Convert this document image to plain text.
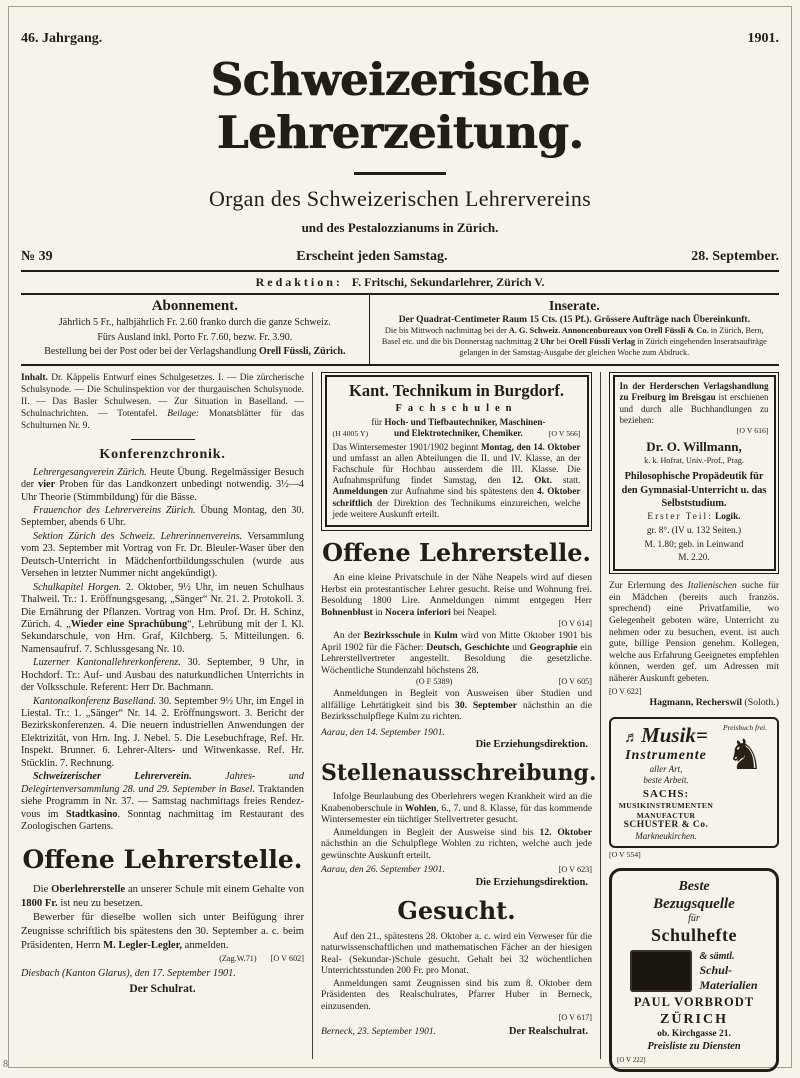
46. Jahrgang.	1901.
Schweizerische Lehrerzeitung.
Organ des Schweizerischen Lehrervereins
und des Pestalozzianums in Zürich.
№ 39	Erscheint jeden Samstag.	28. September.
Redaktion: F. Fritschi, Sekundarlehrer, Zürich V.
Abonnement.
Jährlich 5 Fr., halbjährlich Fr. 2.60 franko durch die ganze Schweiz.
Fürs Ausland inkl. Porto Fr. 7.60, bezw. Fr. 3.90.
Bestellung bei der Post oder bei der Verlagshandlung Orell Füssli, Zürich.
Inserate.
Der Quadrat-Centimeter Raum 15 Cts. (15 Pf.). Grössere Aufträge nach Übereinkunft.
Die bis Mittwoch nachmittag bei der A. G. Schweiz. Annoncenbureaux von Orell Füssli & Co. in Zürich, Bern, Basel etc. und die bis Donnerstag nachmittag 2 Uhr bei Orell Füssli Verlag in Zürich eingehenden Inseratsaufträge gelangen in der Samstag-Ausgabe der gleichen Woche zum Abdruck.

Inhalt. Dr. Käppelis Entwurf eines Schulgesetzes. I. — Die zürcherische Schulsynode. — Die Schulinspektion vor der thurgauischen Schulsynode. II. — Das Basler Schulwesen. — Zur Situation in Baselland. — Schulnachrichten. — Totentafel. Beilage: Monatsblätter für das Schulturnen Nr. 9.

Konferenzchronik.

Lehrergesangverein Zürich. Heute Übung. Regelmässiger Besuch der vier Proben für das Landkonzert unbedingt notwendig. 3½—4 Uhr Theorie (Stimmbildung) für die Bässe.

Frauenchor des Lehrervereins Zürich. Übung Montag, den 30. September, abends 6 Uhr.

Sektion Zürich des Schweiz. Lehrerinnenvereins. Versammlung vom 23. September mit Vortrag von Fr. Dr. Bleuler-Waser über den Deutsch-Unterricht in Mädchenfortbildungsschulen (wurde aus Versehen in letzter Nummer nicht angekündigt).

Schulkapitel Horgen. 2. Oktober, 9½ Uhr, im neuen Schulhaus Thalweil. Tr.: 1. Eröffnungsgesang, „Sänger“ Nr. 21. 2. Protokoll. 3. Die Ernährung der Pflanzen. Vortrag von Hrn. Prof. Dr. H. Schinz, Zürich. 4. „Wieder eine Sprachübung“, Lehrübung mit der I. Kl. Sekundarschule, von Hrn. Graf, Kilchberg. 5. Mitteilungen. 6. Namensaufruf. 7. Schlussgesang Nr. 10.

Luzerner Kantonallehrerkonferenz. 30. September, 9 Uhr, in Hochdorf. Tr.: Auf- und Ausbau des naturkundlichen Unterrichts in der Volksschule. Referent: Herr Dr. Bachmann.

Kantonalkonferenz Baselland. 30. September 9½ Uhr, im Engel in Liestal. Tr.: 1. „Sänger“ Nr. 14. 2. Eröffnungswort. 3. Bericht der Bezirkskonferenzen. 4. Die neuern industriellen Anwendungen der Elektrizität, von Hrn. Ing. J. Nebel. 5. Die Lesebuchfrage, Ref. Hr. Inspekt. Brunner. 6. Lehrer-Alters- und Witwenkasse. Ref. Hr. Stücklin. 7. Rechnung.

Schweizerischer Lehrerverein. Jahres- und Delegirtenversammlung 28. und 29. September in Basel. Traktanden siehe Programm in Nr. 37. — Samstag nachmittags freies Rendez-vous im Stadtkasino. Sonntag nachmittag im Restaurant des Zoologischen Gartens.

Offene Lehrerstelle.

Die Oberlehrerstelle an unserer Schule mit einem Gehalte von 1800 Fr. ist neu zu besetzen.

Bewerber für dieselbe wollen sich unter Beifügung ihrer Zeugnisse schriftlich bis spätestens den 30. September a. c. beim Präsidenten, Herrn M. Legler-Legler, anmelden.

(Zag.W.71) [O V 602]

Diesbach (Kanton Glarus), den 17. September 1901.

Der Schulrat.

Kant. Technikum in Burgdorf.
Fachschulen
(H 4005 Y)
für Hoch- und Tiefbautechniker, Maschinen- und Elektrotechniker, Chemiker.	[O V 566]
Das Wintersemester 1901/1902 beginnt Montag, den 14. Oktober und umfasst an allen Abteilungen die II. und IV. Klasse, an der Fachschule für Hochbau ausserdem die III. Klasse. Die Aufnahmsprüfung findet Samstag, den 12. Okt. statt. Anmeldungen zur Aufnahme sind bis spätestens den 4. Oktober schriftlich der Direktion des Technikums einzureichen, welche jede weitere Auskunft erteilt.
Offene Lehrerstelle.

An eine kleine Privatschule in der Nähe Neapels wird auf diesen Herbst ein protestantischer Lehrer gesucht. Reise und Wohnung frei. Besoldung 1800 Lire. Anmeldungen nimmt entgegen Herr Bohnenblust in Nocera inferiori bei Neapel.

[O V 614]

An der Bezirksschule in Kulm wird von Mitte Oktober 1901 bis April 1902 für die Fächer: Deutsch, Geschichte und Geographie ein Lehrerstellvertreter angestellt. Besoldung die gesetzliche. Wöchentliche Stundenzahl höchstens 28.

(O F 5389)	[O V 605]

Anmeldungen in Begleit von Ausweisen über Studien und allfällige Lehrtätigkeit sind bis 30. September nächsthin an die Bezirksschulpflege Kulm zu richten.

Aarau, den 14. September 1901.

Die Erziehungsdirektion.

Stellenausschreibung.

Infolge Beurlaubung des Oberlehrers wegen Krankheit wird an die Knabenoberschule in Wohlen, 6., 7. und 8. Klasse, für das kommende Wintersemester ein tüchtiger Stellvertreter gesucht.

Anmeldungen in Begleit der Ausweise sind bis 12. Oktober nächsthin an die Schulpflege Wohlen zu richten, welche auch jede gewünschte Auskunft erteilt.

Aarau, den 26. September 1901.	[O V 623]

Die Erziehungsdirektion.

Gesucht.

Auf den 21., spätestens 28. Oktober a. c. wird ein Verweser für die naturwissenschaftlichen und mathematischen Fächer an der hiesigen Real- (Sekundar-)Schule gesucht. Gehalt bei 32 wöchentlichen Unterrichtsstunden 200 Fr. pro Monat.

Anmeldungen samt Zeugnissen sind bis zum 8. Oktober dem Präsidenten des Realschulrates, Pfarrer Huber in Berneck, einzusenden.

[O V 617]
Berneck, 23. September 1901.	Der Realschulrat.
In der Herderschen Verlagshandlung zu Freiburg im Breisgau ist erschienen und durch alle Buchhandlungen zu beziehen:
[O V 616]
Dr. O. Willmann,
k. k. Hofrat, Univ.-Prof., Prag.
Philosophische Propädeutik für den Gymnasial-Unterricht u. das Selbststudium.
Erster Teil: Logik.
gr. 8°. (IV u. 132 Seiten.)
M. 1.80; geb. in Leinwand
M. 2.20.

Zur Erlernung des Italienischen suche für ein Mädchen (bereits auch französ. sprechend) eine Privatfamilie, wo Gelegenheit geboten wäre, Unterricht zu nehmen oder zu besuchen, event. ist auch gute, billige Pension genehm. Kollegen, welche aus Erfahrung Geeignetes empfehlen können, werden gef. um Adressen mit näherer Auskunft gebeten.

[O V 622]
Hagmann, Recherswil (Soloth.)
♬Musik=
Instrumente
aller Art,
beste Arbeit.
SACHS:
MUSIKINSTRUMENTEN
MANUFACTUR
SCHUSTER & Co.
Markneukirchen.
Preisbuch frei.
♞
[O V 554]
Beste
Bezugsquelle
für
Schulhefte
& sämtl.
Schul-
Materialien
PAUL VORBRODT
ZÜRICH
ob. Kirchgasse 21.
Preisliste zu Diensten
[O V 222]
8
